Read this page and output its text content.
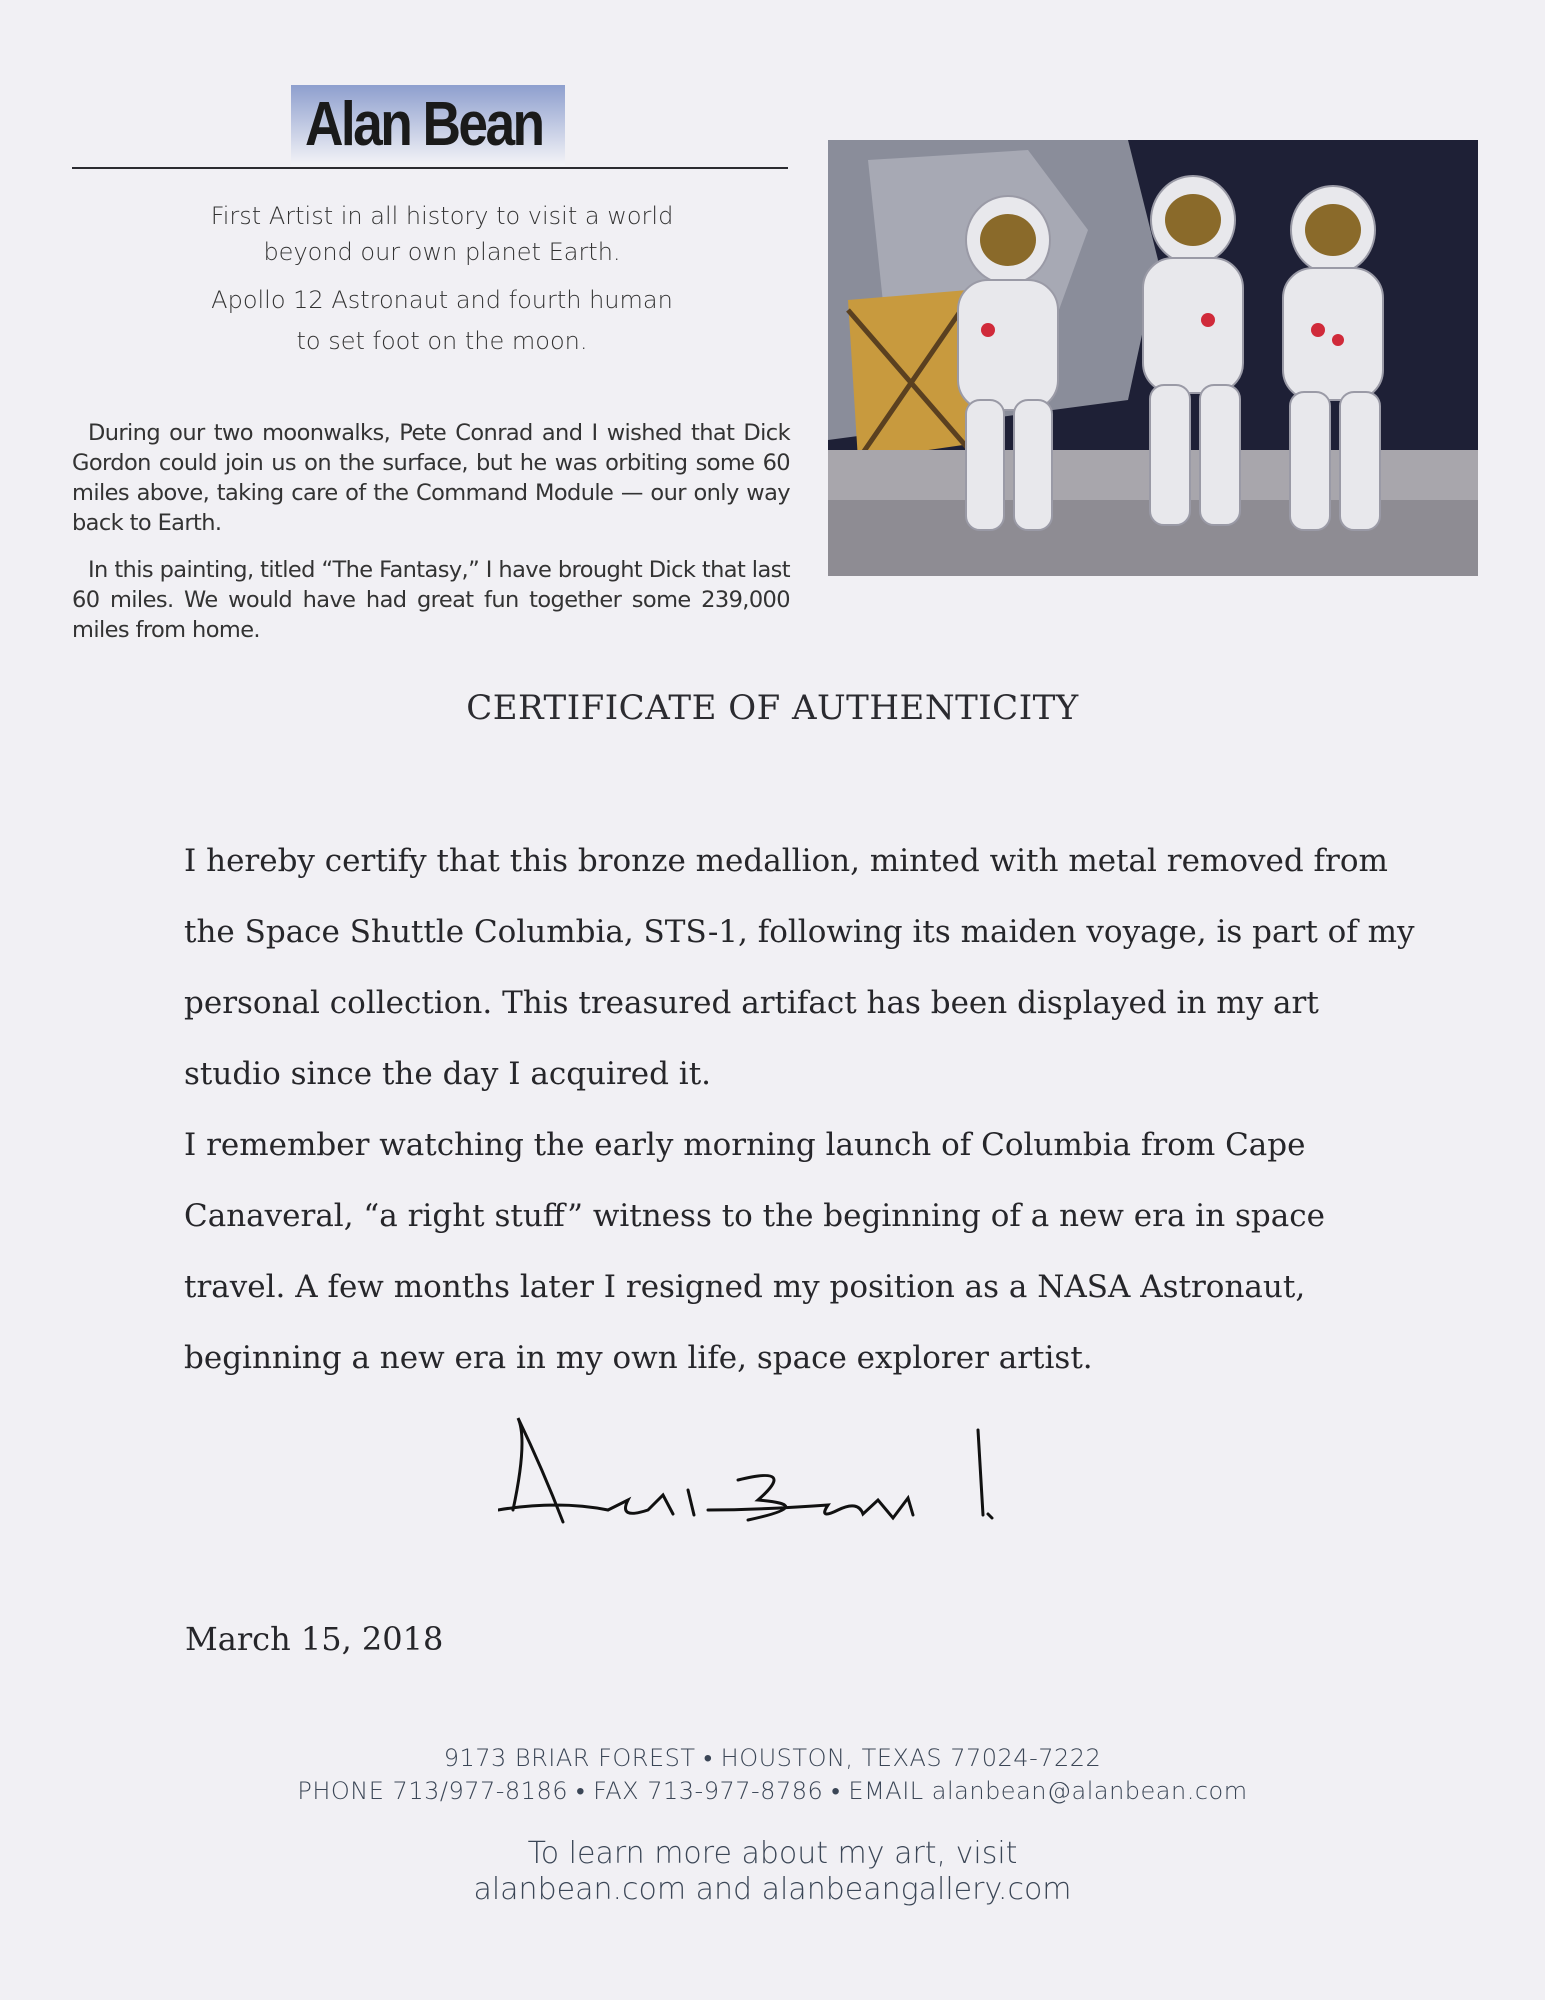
Alan Bean
First Artist in all history to visit a world
beyond our own planet Earth.
Apollo 12 Astronaut and fourth human
to set foot on the moon.
During our two moonwalks, Pete Conrad and I wished that Dick Gordon could join us on the surface, but he was orbiting some 60 miles above, taking care of the Command Module — our only way back to Earth.
In this painting, titled “The Fantasy,” I have brought Dick that last 60 miles. We would have had great fun together some 239,000 miles from home.
CERTIFICATE OF AUTHENTICITY

I hereby certify that this bronze medallion, minted with metal removed from the Space Shuttle Columbia, STS-1, following its maiden voyage, is part of my personal collection. This treasured artifact has been displayed in my art studio since the day I acquired it.

I remember watching the early morning launch of Columbia from Cape Canaveral, “a right stuff” witness to the beginning of a new era in space travel. A few months later I resigned my position as a NASA Astronaut, beginning a new era in my own life, space explorer artist.

March 15, 2018
9173 BRIAR FOREST • HOUSTON, TEXAS 77024-7222
PHONE 713/977-8186 • FAX 713-977-8786 • EMAIL alanbean@alanbean.com
To learn more about my art, visit
alanbean.com and alanbeangallery.com
